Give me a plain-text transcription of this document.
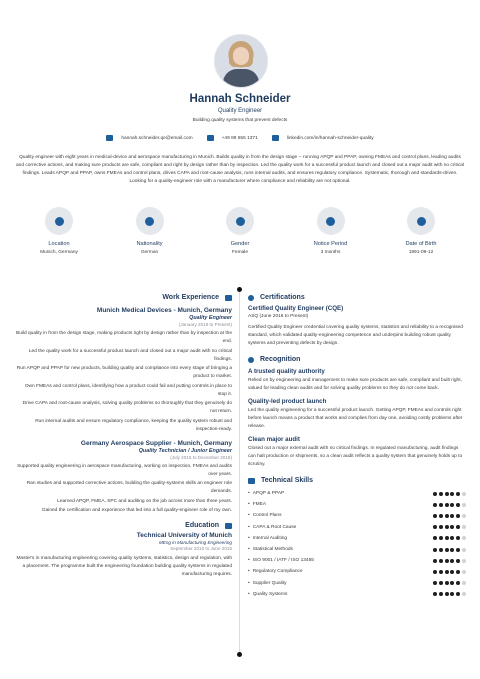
Hannah Schneider
Quality Engineer
Building quality systems that prevent defects
hannah.schneider.qe@email.com	+49 89 555 1371	linkedin.com/in/hannah-schneider-quality
Quality engineer with eight years in medical-device and aerospace manufacturing in Munich. Builds quality in from the design stage -- running APQP and PPAP, owning FMEAs and control plans, leading audits and corrective actions, and making sure products are safe, compliant and right by design rather than by inspection. Led the quality work for a successful product launch and closed out a major audit with no critical findings. Leads APQP and PPAP, owns FMEAs and control plans, drives CAPA and root-cause analysis, runs internal audits, and ensures regulatory compliance. Systematic, thorough and standards-driven. Looking for a quality-engineer role with a manufacturer where compliance and reliability are not optional.
Location
Munich, Germany
Nationality
German
Gender
Female
Notice Period
3 months
Date of Birth
1991-09-12
Work Experience
Munich Medical Devices - Munich, Germany
Quality Engineer
(January 2019 to Present)
Build quality in from the design stage, making products right by design rather than by inspection at the end.
Led the quality work for a successful product launch and closed out a major audit with no critical findings.
Run APQP and PPAP for new products, building quality and compliance into every stage of bringing a product to market.
Own FMEAs and control plans, identifying how a product could fail and putting controls in place to stop it.
Drive CAPA and root-cause analysis, solving quality problems so thoroughly that they genuinely do not return.
Run internal audits and ensure regulatory compliance, keeping the quality system robust and inspection-ready.
Germany Aerospace Supplier - Munich, Germany
Quality Technician / Junior Engineer
(July 2015 to December 2018)
Supported quality engineering in aerospace manufacturing, working on inspection, FMEAs and audits over years.
Ran studies and supported corrective actions, building the quality-systems skills an engineer role demands.
Learned APQP, FMEA, SPC and auditing on the job across more than three years.
Gained the certification and experience that led into a full quality-engineer role of my own.
Education
Technical University of Munich
MEng in Manufacturing Engineering
September 2010 to June 2015
Master's in manufacturing engineering covering quality systems, statistics, design and regulation, with a placement. The programme built the engineering foundation building quality systems in regulated manufacturing requires.
Certifications
Certified Quality Engineer (CQE)
ASQ (June 2016 to Present)
Certified Quality Engineer credential covering quality systems, statistics and reliability to a recognised standard, which validated quality-engineering competence and underpins building robust quality systems and preventing defects by design.
Recognition
A trusted quality authority
Relied on by engineering and management to make sure products are safe, compliant and built right, valued for leading clean audits and for solving quality problems so they do not come back.
Quality-led product launch
Led the quality engineering for a successful product launch. Getting APQP, FMEAs and controls right before launch means a product that works and complies from day one, avoiding costly problems after release.
Clean major audit
Closed out a major external audit with no critical findings. In regulated manufacturing, audit findings can halt production or shipments, so a clean audit reflects a quality system that genuinely holds up to scrutiny.
Technical Skills
• APQP & PPAP
• FMEA
• Control Plans
• CAPA & Root Cause
• Internal Auditing
• Statistical Methods
• ISO 9001 / IATF / ISO 13485
• Regulatory Compliance
• Supplier Quality
• Quality Systems
